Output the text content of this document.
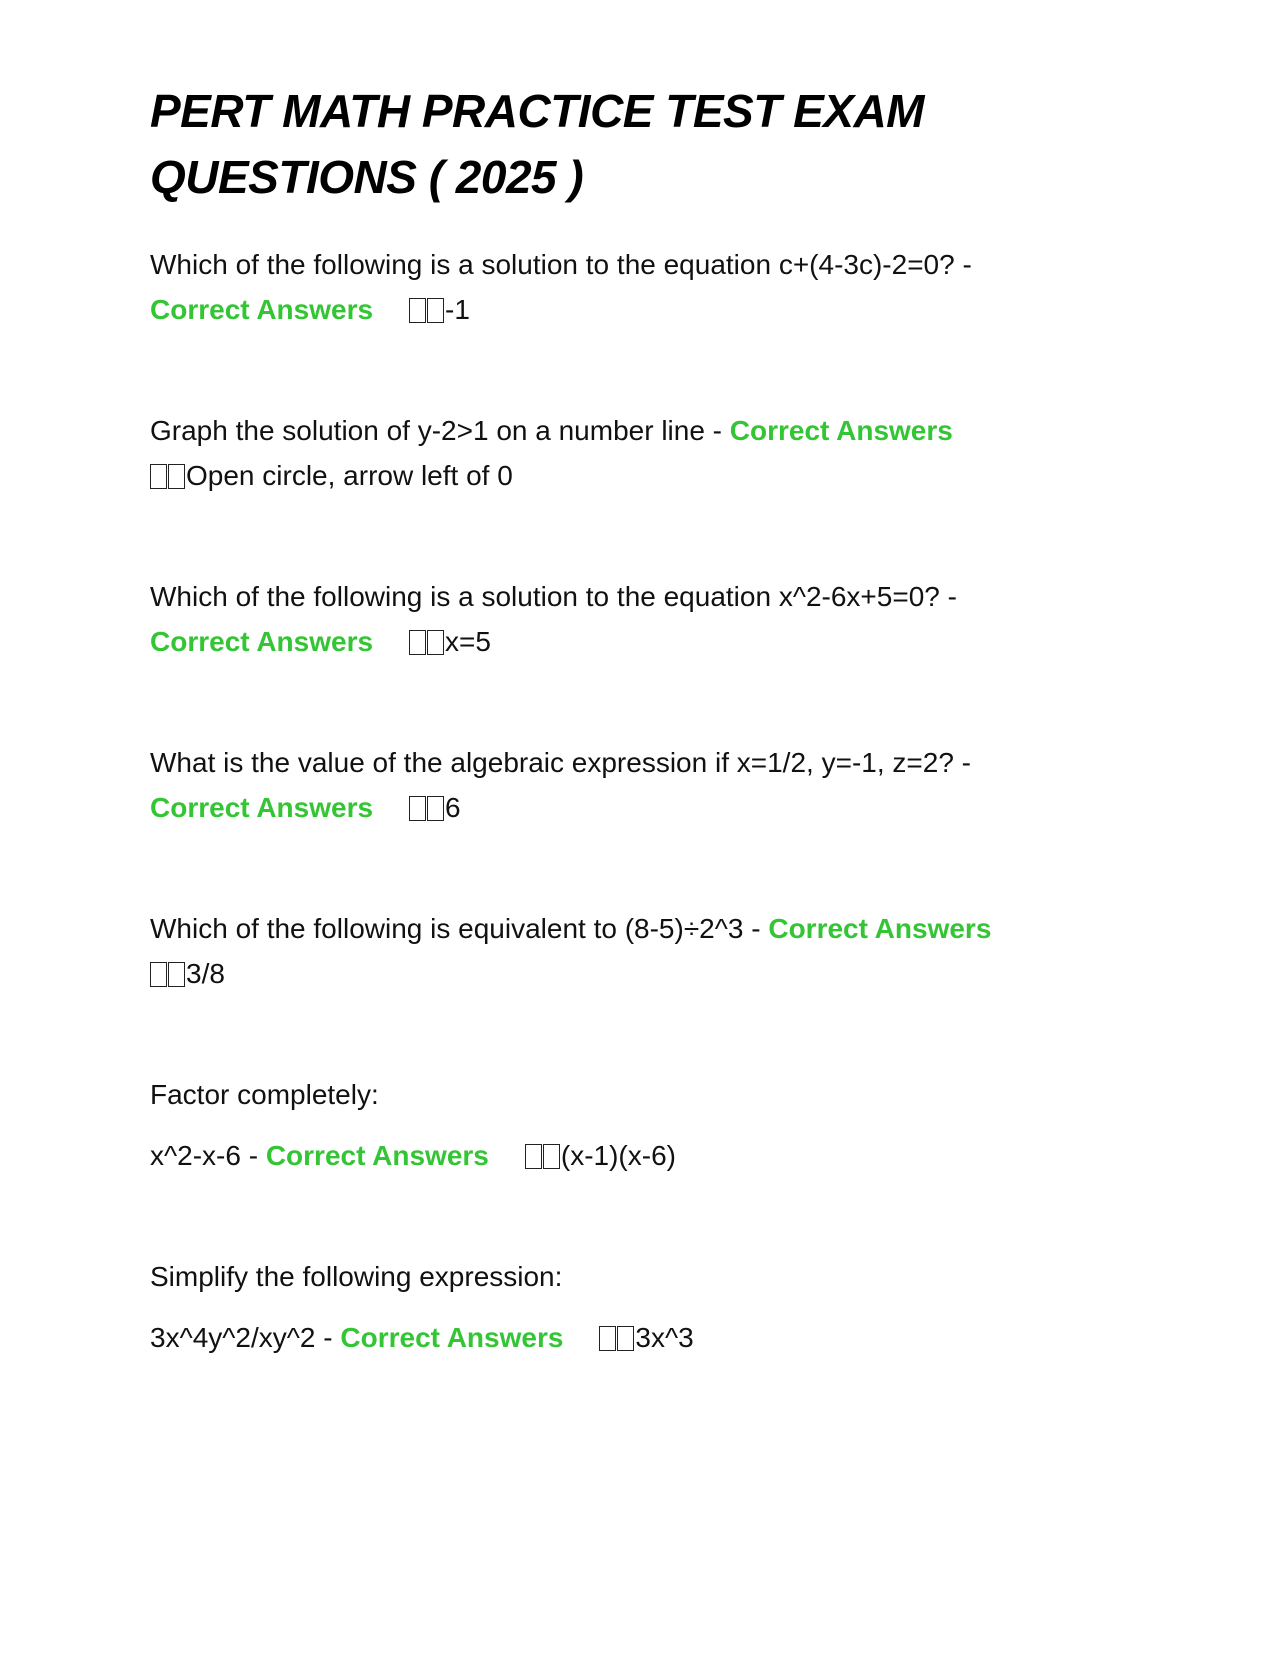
PERT MATH PRACTICE TEST EXAM QUESTIONS ( 2025 )

Which of the following is a solution to the equation c+(4-3c)-2=0? -
Correct Answers	-1

Graph the solution of y-2>1 on a number line - Correct Answers
Open circle, arrow left of 0

Which of the following is a solution to the equation x^2-6x+5=0? -
Correct Answers	x=5

What is the value of the algebraic expression if x=1/2, y=-1, z=2? -
Correct Answers	6

Which of the following is equivalent to (8-5)÷2^3 - Correct Answers
3/8

Factor completely:

x^2-x-6 - Correct Answers	(x-1)(x-6)

Simplify the following expression:

3x^4y^2/xy^2 - Correct Answers	3x^3
